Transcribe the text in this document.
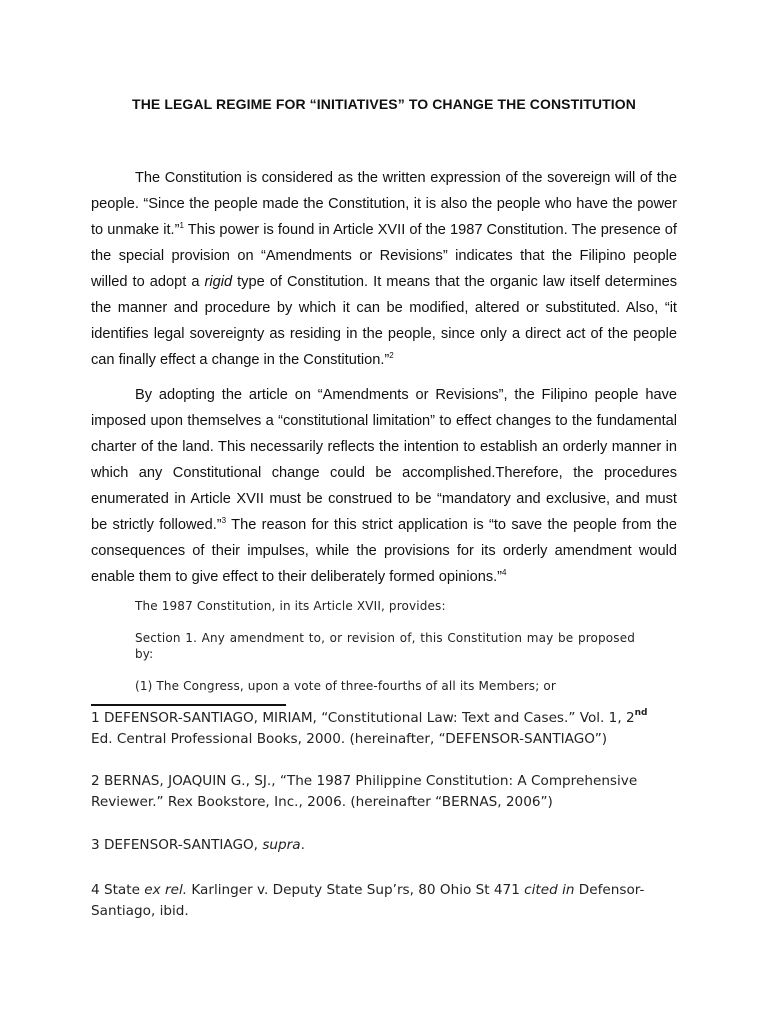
THE LEGAL REGIME FOR “INITIATIVES” TO CHANGE THE CONSTITUTION

The Constitution is considered as the written expression of the sovereign will of the people. “Since the people made the Constitution, it is also the people who have the power to unmake it.”$^1$ This power is found in Article XVII of the 1987 Constitution. The presence of the special provision on “Amendments or Revisions” indicates that the Filipino people willed to adopt a rigid type of Constitution. It means that the organic law itself determines the manner and procedure by which it can be modified, altered or substituted. Also, “it identifies legal sovereignty as residing in the people, since only a direct act of the people can finally effect a change in the Constitution.”$^2$

By adopting the article on “Amendments or Revisions”, the Filipino people have imposed upon themselves a “constitutional limitation” to effect changes to the fundamental charter of the land. This necessarily reflects the intention to establish an orderly manner in which any Constitutional change could be accomplished.Therefore, the procedures enumerated in Article XVII must be construed to be “mandatory and exclusive, and must be strictly followed.”$^3$ The reason for this strict application is “to save the people from the consequences of their impulses, while the provisions for its orderly amendment would enable them to give effect to their deliberately formed opinions.”$^4$

The 1987 Constitution, in its Article XVII, provides:

Section 1. Any amendment to, or revision of, this Constitution may be proposed by:

(1) The Congress, upon a vote of three-fourths of all its Members; or

1 DEFENSOR-SANTIAGO, MIRIAM, “Constitutional Law: Text and Cases.” Vol. 1, 2nd Ed. Central Professional Books, 2000. (hereinafter, “DEFENSOR-SANTIAGO”)

2 BERNAS, JOAQUIN G., SJ., “The 1987 Philippine Constitution: A Comprehensive Reviewer.” Rex Bookstore, Inc., 2006. (hereinafter “BERNAS, 2006”)

3 DEFENSOR-SANTIAGO, supra.

4 State ex rel. Karlinger v. Deputy State Sup’rs, 80 Ohio St 471 cited in Defensor-Santiago, ibid.
